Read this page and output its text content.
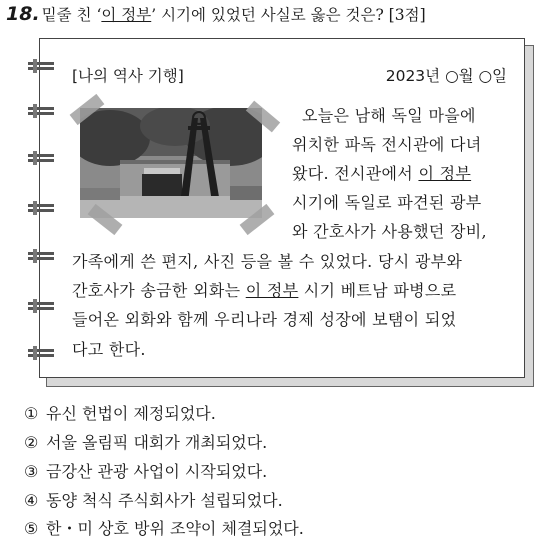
18. 밑줄 친 ‘이 정부’ 시기에 있었던 사실로 옳은 것은? [3점]
[나의 역사 기행]	2023년 ○월 ○일
오늘은 남해 독일 마을에
위치한 파독 전시관에 다녀
왔다. 전시관에서 이 정부
시기에 독일로 파견된 광부
와 간호사가 사용했던 장비,
가족에게 쓴 편지, 사진 등을 볼 수 있었다. 당시 광부와
간호사가 송금한 외화는 이 정부 시기 베트남 파병으로
들어온 외화와 함께 우리나라 경제 성장에 보탬이 되었
다고 한다.
① 유신 헌법이 제정되었다.
② 서울 올림픽 대회가 개최되었다.
③ 금강산 관광 사업이 시작되었다.
④ 동양 척식 주식회사가 설립되었다.
⑤ 한・미 상호 방위 조약이 체결되었다.
